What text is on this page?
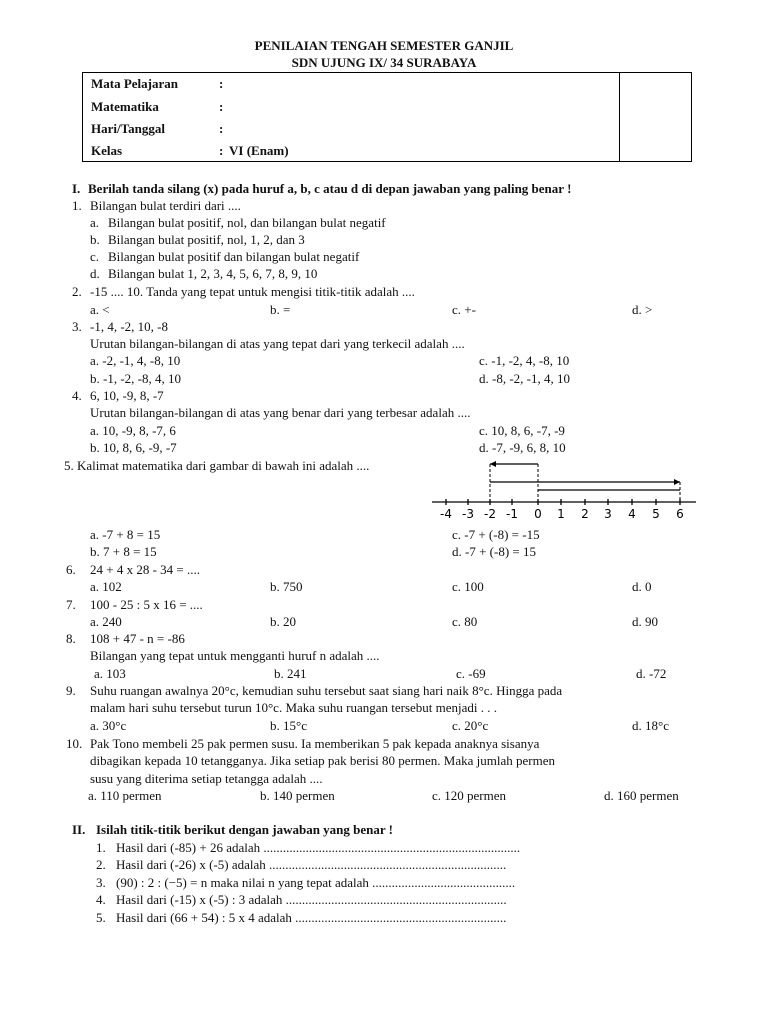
PENILAIAN TENGAH SEMESTER GANJIL
SDN UJUNG IX/ 34 SURABAYA
Mata Pelajaran	:
Matematika	:
Hari/Tanggal	:
Kelas	: VI (Enam)

I. Berilah tanda silang (x) pada huruf a, b, c atau d di depan jawaban yang paling benar !
1. Bilangan bulat terdiri dari ....
a. Bilangan bulat positif, nol, dan bilangan bulat negatif
b. Bilangan bulat positif, nol, 1, 2, dan 3
c. Bilangan bulat positif dan bilangan bulat negatif
d. Bilangan bulat 1, 2, 3, 4, 5, 6, 7, 8, 9, 10
2. -15 .... 10. Tanda yang tepat untuk mengisi titik-titik adalah ....
a. <	b. =	c. +-	d. >
3. -1, 4, -2, 10, -8
Urutan bilangan-bilangan di atas yang tepat dari yang terkecil adalah ....
a. -2, -1, 4, -8, 10	c. -1, -2, 4, -8, 10
b. -1, -2, -8, 4, 10	d. -8, -2, -1, 4, 10
4. 6, 10, -9, 8, -7
Urutan bilangan-bilangan di atas yang benar dari yang terbesar adalah ....
a. 10, -9, 8, -7, 6	c. 10, 8, 6, -7, -9
b. 10, 8, 6, -9, -7	d. -7, -9, 6, 8, 10
5. Kalimat matematika dari gambar di bawah ini adalah ....
-4 -3 -2 -1 0 1 2 3 4 5 6
a. -7 + 8 = 15	c. -7 + (-8) = -15
b. 7 + 8 = 15	d. -7 + (-8) = 15
6. 24 + 4 x 28 - 34 = ....
a. 102	b. 750	c. 100	d. 0
7. 100 - 25 : 5 x 16 = ....
a. 240	b. 20	c. 80	d. 90
8. 108 + 47 - n = -86
Bilangan yang tepat untuk mengganti huruf n adalah ....
a. 103	b. 241	c. -69	d. -72
9. Suhu ruangan awalnya 20°c, kemudian suhu tersebut saat siang hari naik 8°c. Hingga pada
malam hari suhu tersebut turun 10°c. Maka suhu ruangan tersebut menjadi . . .
a. 30°c	b. 15°c	c. 20°c	d. 18°c
10. Pak Tono membeli 25 pak permen susu. Ia memberikan 5 pak kepada anaknya sisanya
dibagikan kepada 10 tetangganya. Jika setiap pak berisi 80 permen. Maka jumlah permen
susu yang diterima setiap tetangga adalah ....
a. 110 permen	b. 140 permen	c. 120 permen	d. 160 permen
II. Isilah titik-titik berikut dengan jawaban yang benar !
1. Hasil dari (-85) + 26 adalah ...............................................................................
2. Hasil dari (-26) x (-5) adalah .........................................................................
3. (90) : 2 : (−5) = n maka nilai n yang tepat adalah ............................................
4. Hasil dari (-15) x (-5) : 3 adalah ....................................................................
5. Hasil dari (66 + 54) : 5 x 4 adalah .................................................................
